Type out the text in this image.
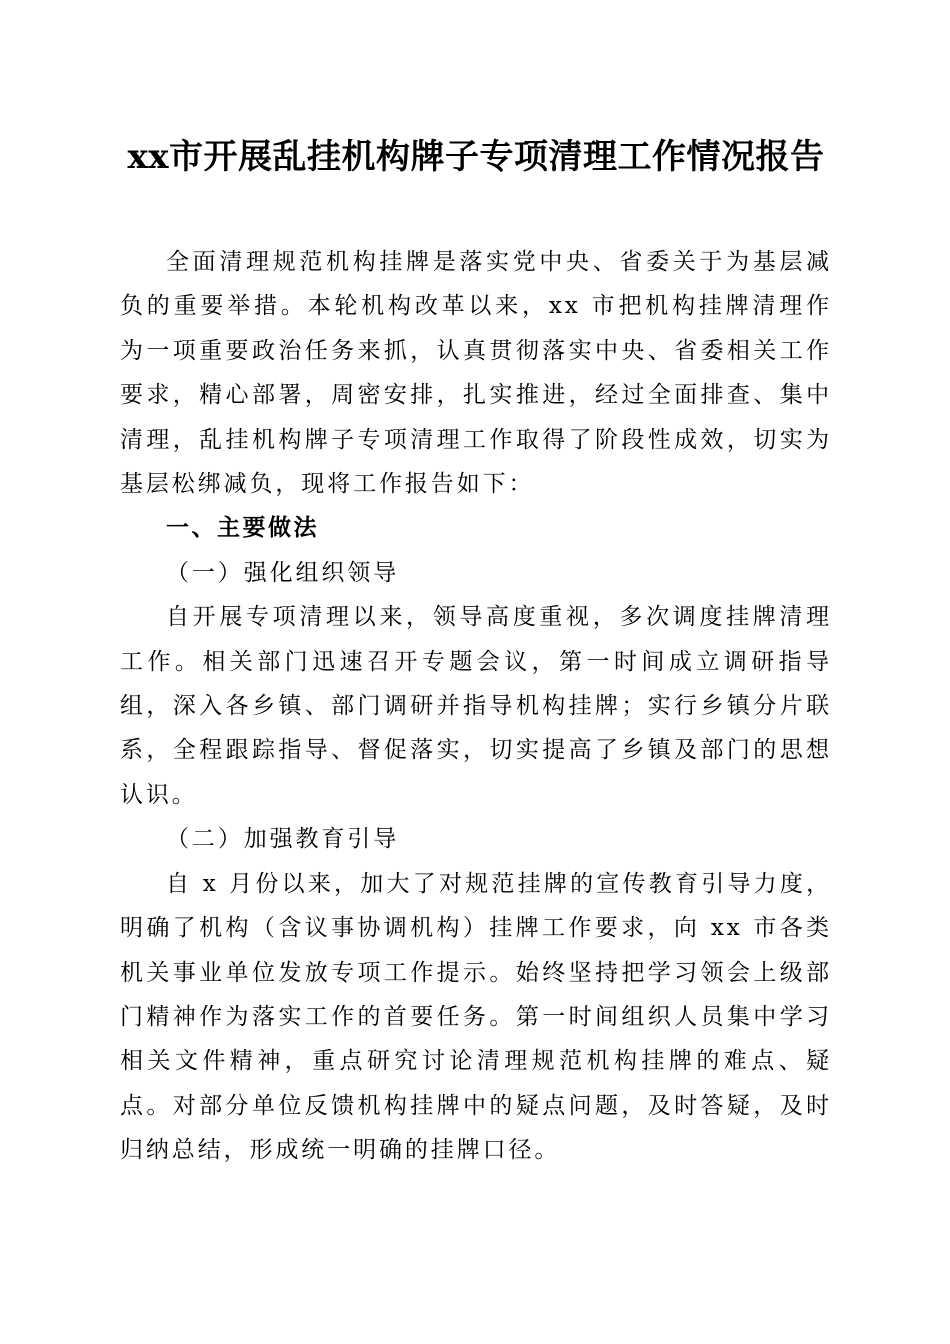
xx市开展乱挂机构牌子专项清理工作情况报告

全面清理规范机构挂牌是落实党中央、省委关于为基层减负的重要举措。本轮机构改革以来，xx 市把机构挂牌清理作为一项重要政治任务来抓，认真贯彻落实中央、省委相关工作要求，精心部署，周密安排，扎实推进，经过全面排查、集中清理，乱挂机构牌子专项清理工作取得了阶段性成效，切实为基层松绑减负，现将工作报告如下：

一、主要做法

（一）强化组织领导

自开展专项清理以来，领导高度重视，多次调度挂牌清理工作。相关部门迅速召开专题会议，第一时间成立调研指导组，深入各乡镇、部门调研并指导机构挂牌；实行乡镇分片联系，全程跟踪指导、督促落实，切实提高了乡镇及部门的思想认识。

（二）加强教育引导

自 x 月份以来，加大了对规范挂牌的宣传教育引导力度，明确了机构（含议事协调机构）挂牌工作要求，向 xx 市各类机关事业单位发放专项工作提示。始终坚持把学习领会上级部门精神作为落实工作的首要任务。第一时间组织人员集中学习相关文件精神，重点研究讨论清理规范机构挂牌的难点、疑点。对部分单位反馈机构挂牌中的疑点问题，及时答疑，及时归纳总结，形成统一明确的挂牌口径。
